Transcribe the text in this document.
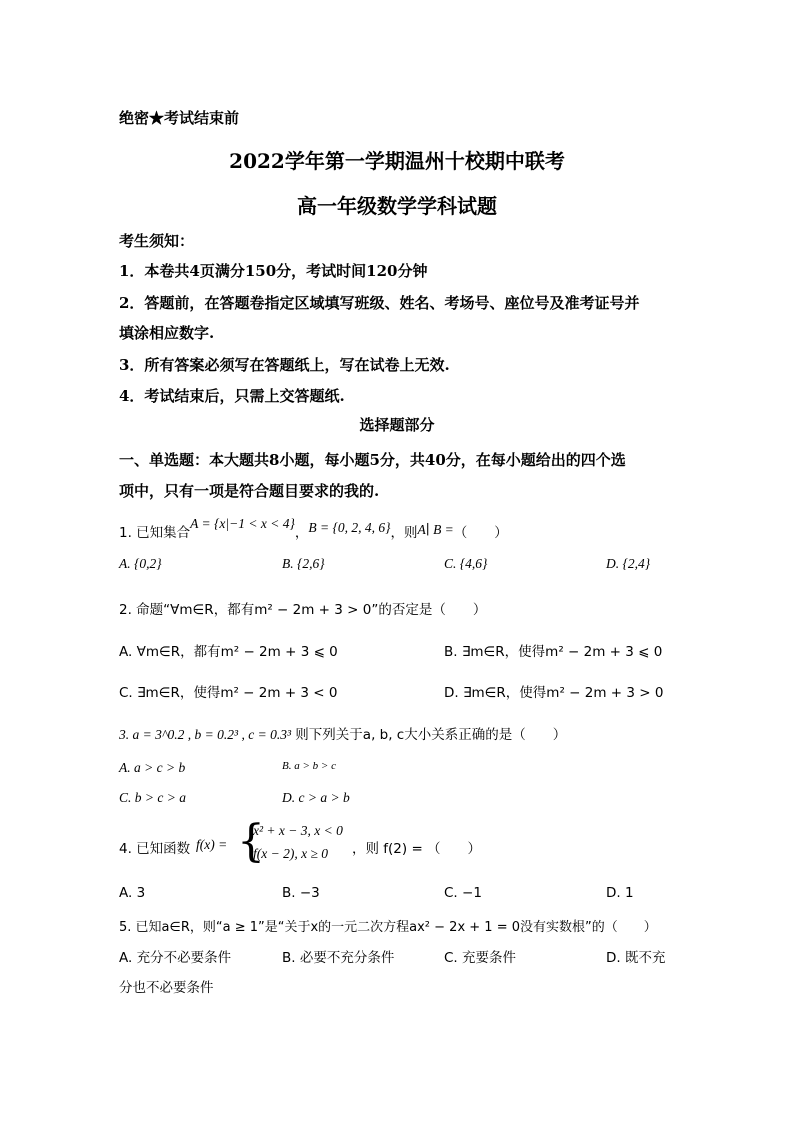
绝密★考试结束前
2022学年第一学期温州十校期中联考
高一年级数学学科试题
考生须知：
1．本卷共4页满分150分，考试时间120分钟
2．答题前，在答题卷指定区域填写班级、姓名、考场号、座位号及准考证号并
填涂相应数字.
3．所有答案必须写在答题纸上，写在试卷上无效.
4．考试结束后，只需上交答题纸.
选择题部分
一、单选题：本大题共8小题，每小题5分，共40分，在每小题给出的四个选
项中，只有一项是符合题目要求的我的.
1. 已知集合A = {x|−1 < x < 4}，B = {0, 2, 4, 6}，则A∣ B =（　　）
A. {0,2}	B. {2,6}	C. {4,6}	D. {2,4}
2. 命题“∀m∈R，都有m² − 2m + 3 > 0”的否定是（　　）
A. ∀m∈R，都有m² − 2m + 3 ⩽ 0	B. ∃m∈R，使得m² − 2m + 3 ⩽ 0
C. ∃m∈R，使得m² − 2m + 3 < 0	D. ∃m∈R，使得m² − 2m + 3 > 0
3. a = 3^0.2 , b = 0.2³ , c = 0.3³ 则下列关于a, b, c大小关系正确的是（　　）
A. a > c > b	B. a > b > c
C. b > c > a	D. c > a > b
4. 已知函数 f(x) = {
x² + x − 3, x < 0
f(x − 2), x ≥ 0 ，则 f(2) = （　　）
A. 3	B. −3	C. −1	D. 1
5. 已知a∈R，则“a ≥ 1”是“关于x的一元二次方程ax² − 2x + 1 = 0没有实数根”的（　　）
A. 充分不必要条件	B. 必要不充分条件	C. 充要条件	D. 既不充
分也不必要条件
